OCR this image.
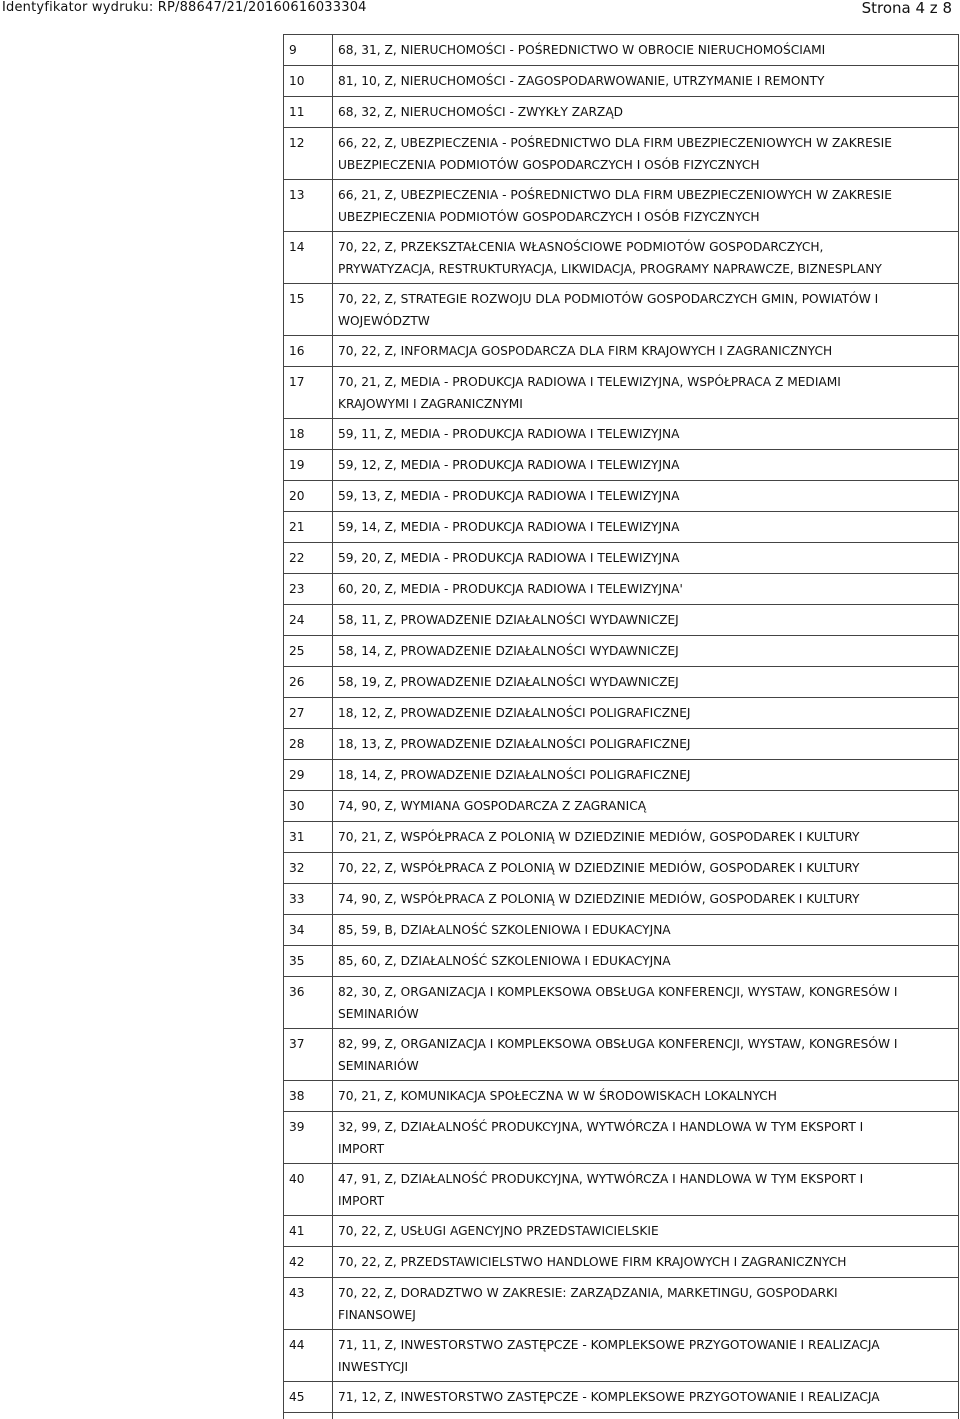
Identyfikator wydruku: RP/88647/21/20160616033304	Strona 4 z 8
9	68, 31, Z, NIERUCHOMOŚCI - POŚREDNICTWO W OBROCIE NIERUCHOMOŚCIAMI
10	81, 10, Z, NIERUCHOMOŚCI - ZAGOSPODARWOWANIE, UTRZYMANIE I REMONTY
11	68, 32, Z, NIERUCHOMOŚCI - ZWYKŁY ZARZĄD
12	66, 22, Z, UBEZPIECZENIA - POŚREDNICTWO DLA FIRM UBEZPIECZENIOWYCH W ZAKRESIE
UBEZPIECZENIA PODMIOTÓW GOSPODARCZYCH I OSÓB FIZYCZNYCH
13	66, 21, Z, UBEZPIECZENIA - POŚREDNICTWO DLA FIRM UBEZPIECZENIOWYCH W ZAKRESIE
UBEZPIECZENIA PODMIOTÓW GOSPODARCZYCH I OSÓB FIZYCZNYCH
14	70, 22, Z, PRZEKSZTAŁCENIA WŁASNOŚCIOWE PODMIOTÓW GOSPODARCZYCH,
PRYWATYZACJA, RESTRUKTURYACJA, LIKWIDACJA, PROGRAMY NAPRAWCZE, BIZNESPLANY
15	70, 22, Z, STRATEGIE ROZWOJU DLA PODMIOTÓW GOSPODARCZYCH GMIN, POWIATÓW I
WOJEWÓDZTW
16	70, 22, Z, INFORMACJA GOSPODARCZA DLA FIRM KRAJOWYCH I ZAGRANICZNYCH
17	70, 21, Z, MEDIA - PRODUKCJA RADIOWA I TELEWIZYJNA, WSPÓŁPRACA Z MEDIAMI
KRAJOWYMI I ZAGRANICZNYMI
18	59, 11, Z, MEDIA - PRODUKCJA RADIOWA I TELEWIZYJNA
19	59, 12, Z, MEDIA - PRODUKCJA RADIOWA I TELEWIZYJNA
20	59, 13, Z, MEDIA - PRODUKCJA RADIOWA I TELEWIZYJNA
21	59, 14, Z, MEDIA - PRODUKCJA RADIOWA I TELEWIZYJNA
22	59, 20, Z, MEDIA - PRODUKCJA RADIOWA I TELEWIZYJNA
23	60, 20, Z, MEDIA - PRODUKCJA RADIOWA I TELEWIZYJNA'
24	58, 11, Z, PROWADZENIE DZIAŁALNOŚCI WYDAWNICZEJ
25	58, 14, Z, PROWADZENIE DZIAŁALNOŚCI WYDAWNICZEJ
26	58, 19, Z, PROWADZENIE DZIAŁALNOŚCI WYDAWNICZEJ
27	18, 12, Z, PROWADZENIE DZIAŁALNOŚCI POLIGRAFICZNEJ
28	18, 13, Z, PROWADZENIE DZIAŁALNOŚCI POLIGRAFICZNEJ
29	18, 14, Z, PROWADZENIE DZIAŁALNOŚCI POLIGRAFICZNEJ
30	74, 90, Z, WYMIANA GOSPODARCZA Z ZAGRANICĄ
31	70, 21, Z, WSPÓŁPRACA Z POLONIĄ W DZIEDZINIE MEDIÓW, GOSPODAREK I KULTURY
32	70, 22, Z, WSPÓŁPRACA Z POLONIĄ W DZIEDZINIE MEDIÓW, GOSPODAREK I KULTURY
33	74, 90, Z, WSPÓŁPRACA Z POLONIĄ W DZIEDZINIE MEDIÓW, GOSPODAREK I KULTURY
34	85, 59, B, DZIAŁALNOŚĆ SZKOLENIOWA I EDUKACYJNA
35	85, 60, Z, DZIAŁALNOŚĆ SZKOLENIOWA I EDUKACYJNA
36	82, 30, Z, ORGANIZACJA I KOMPLEKSOWA OBSŁUGA KONFERENCJI, WYSTAW, KONGRESÓW I
SEMINARIÓW
37	82, 99, Z, ORGANIZACJA I KOMPLEKSOWA OBSŁUGA KONFERENCJI, WYSTAW, KONGRESÓW I
SEMINARIÓW
38	70, 21, Z, KOMUNIKACJA SPOŁECZNA W W ŚRODOWISKACH LOKALNYCH
39	32, 99, Z, DZIAŁALNOŚĆ PRODUKCYJNA, WYTWÓRCZA I HANDLOWA W TYM EKSPORT I
IMPORT
40	47, 91, Z, DZIAŁALNOŚĆ PRODUKCYJNA, WYTWÓRCZA I HANDLOWA W TYM EKSPORT I
IMPORT
41	70, 22, Z, USŁUGI AGENCYJNO PRZEDSTAWICIELSKIE
42	70, 22, Z, PRZEDSTAWICIELSTWO HANDLOWE FIRM KRAJOWYCH I ZAGRANICZNYCH
43	70, 22, Z, DORADZTWO W ZAKRESIE: ZARZĄDZANIA, MARKETINGU, GOSPODARKI
FINANSOWEJ
44	71, 11, Z, INWESTORSTWO ZASTĘPCZE - KOMPLEKSOWE PRZYGOTOWANIE I REALIZACJA
INWESTYCJI
45	71, 12, Z, INWESTORSTWO ZASTĘPCZE - KOMPLEKSOWE PRZYGOTOWANIE I REALIZACJA
